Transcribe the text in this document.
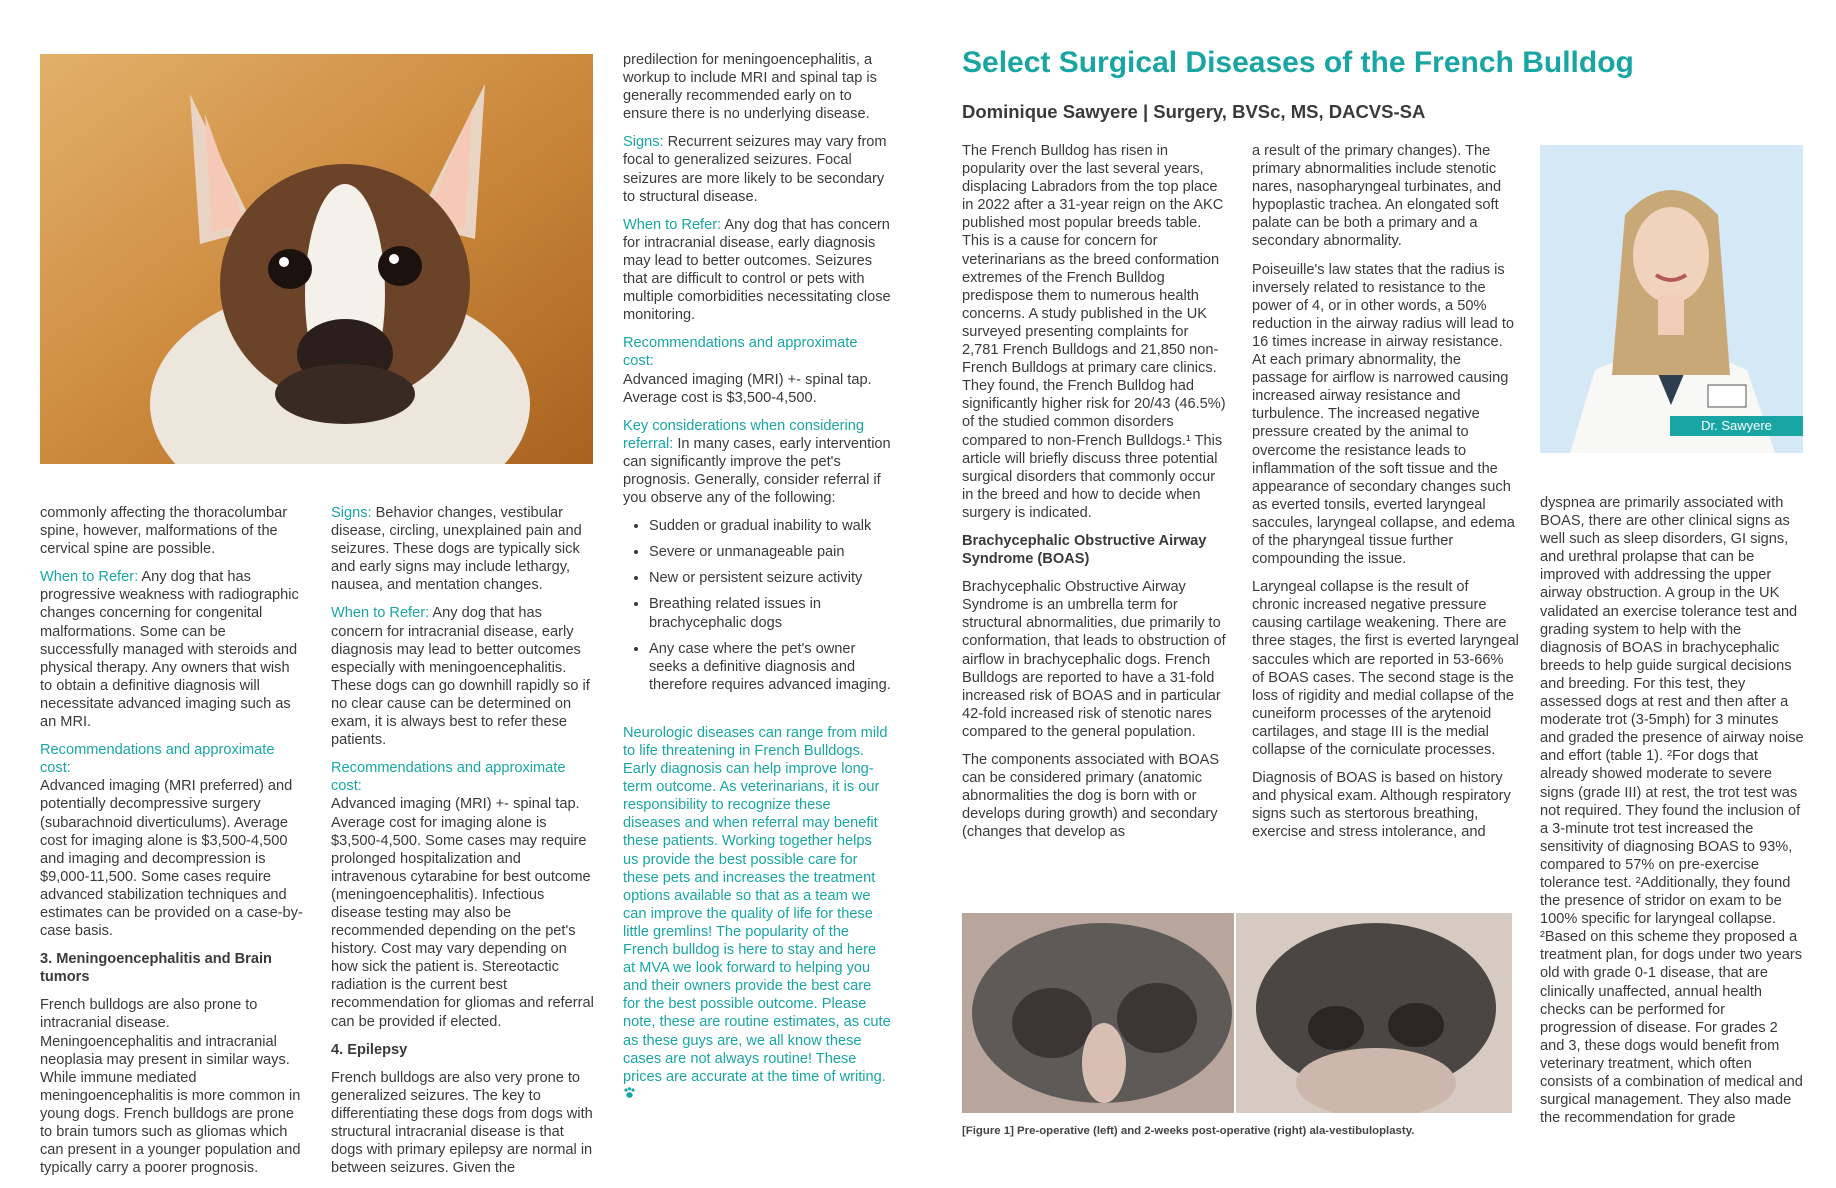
commonly affecting the thoracolumbar spine, however, malformations of the cervical spine are possible.

When to Refer: Any dog that has progressive weakness with radiographic changes concerning for congenital malformations. Some can be successfully managed with steroids and physical therapy. Any owners that wish to obtain a definitive diagnosis will necessitate advanced imaging such as an MRI.

Recommendations and approximate cost:
Advanced imaging (MRI preferred) and potentially decompressive surgery (subarachnoid diverticulums). Average cost for imaging alone is $3,500-4,500 and imaging and decompression is $9,000-11,500. Some cases require advanced stabilization techniques and estimates can be provided on a case-by-case basis.

3. Meningoencephalitis and Brain tumors

French bulldogs are also prone to intracranial disease. Meningoencephalitis and intracranial neoplasia may present in similar ways. While immune mediated meningoencephalitis is more common in young dogs. French bulldogs are prone to brain tumors such as gliomas which can present in a younger population and typically carry a poorer prognosis.

Signs: Behavior changes, vestibular disease, circling, unexplained pain and seizures. These dogs are typically sick and early signs may include lethargy, nausea, and mentation changes.

When to Refer: Any dog that has concern for intracranial disease, early diagnosis may lead to better outcomes especially with meningoencephalitis. These dogs can go downhill rapidly so if no clear cause can be determined on exam, it is always best to refer these patients.

Recommendations and approximate cost:
Advanced imaging (MRI) +- spinal tap. Average cost for imaging alone is $3,500-4,500. Some cases may require prolonged hospitalization and intravenous cytarabine for best outcome (meningoencephalitis). Infectious disease testing may also be recommended depending on the pet's history. Cost may vary depending on how sick the patient is. Stereotactic radiation is the current best recommendation for gliomas and referral can be provided if elected.

4. Epilepsy

French bulldogs are also very prone to generalized seizures. The key to differentiating these dogs from dogs with structural intracranial disease is that dogs with primary epilepsy are normal in between seizures. Given the

predilection for meningoencephalitis, a workup to include MRI and spinal tap is generally recommended early on to ensure there is no underlying disease.

Signs: Recurrent seizures may vary from focal to generalized seizures. Focal seizures are more likely to be secondary to structural disease.

When to Refer: Any dog that has concern for intracranial disease, early diagnosis may lead to better outcomes. Seizures that are difficult to control or pets with multiple comorbidities necessitating close monitoring.

Recommendations and approximate cost:
Advanced imaging (MRI) +- spinal tap. Average cost is $3,500-4,500.

Key considerations when considering referral: In many cases, early intervention can significantly improve the pet's prognosis. Generally, consider referral if you observe any of the following:

• Sudden or gradual inability to walk
• Severe or unmanageable pain
• New or persistent seizure activity
• Breathing related issues in brachycephalic dogs
• Any case where the pet's owner seeks a definitive diagnosis and therefore requires advanced imaging.

Neurologic diseases can range from mild to life threatening in French Bulldogs. Early diagnosis can help improve long-term outcome. As veterinarians, it is our responsibility to recognize these diseases and when referral may benefit these patients. Working together helps us provide the best possible care for these pets and increases the treatment options available so that as a team we can improve the quality of life for these little gremlins! The popularity of the French bulldog is here to stay and here at MVA we look forward to helping you and their owners provide the best care for the best possible outcome. Please note, these are routine estimates, as cute as these guys are, we all know these cases are not always routine! These prices are accurate at the time of writing.

Select Surgical Diseases of the French Bulldog
Dominique Sawyere | Surgery, BVSc, MS, DACVS-SA

The French Bulldog has risen in popularity over the last several years, displacing Labradors from the top place in 2022 after a 31-year reign on the AKC published most popular breeds table. This is a cause for concern for veterinarians as the breed conformation extremes of the French Bulldog predispose them to numerous health concerns. A study published in the UK surveyed presenting complaints for 2,781 French Bulldogs and 21,850 non-French Bulldogs at primary care clinics. They found, the French Bulldog had significantly higher risk for 20/43 (46.5%) of the studied common disorders compared to non-French Bulldogs.¹ This article will briefly discuss three potential surgical disorders that commonly occur in the breed and how to decide when surgery is indicated.

Brachycephalic Obstructive Airway Syndrome (BOAS)

Brachycephalic Obstructive Airway Syndrome is an umbrella term for structural abnormalities, due primarily to conformation, that leads to obstruction of airflow in brachycephalic dogs. French Bulldogs are reported to have a 31-fold increased risk of BOAS and in particular 42-fold increased risk of stenotic nares compared to the general population.

The components associated with BOAS can be considered primary (anatomic abnormalities the dog is born with or develops during growth) and secondary (changes that develop as

a result of the primary changes). The primary abnormalities include stenotic nares, nasopharyngeal turbinates, and hypoplastic trachea. An elongated soft palate can be both a primary and a secondary abnormality.

Poiseuille's law states that the radius is inversely related to resistance to the power of 4, or in other words, a 50% reduction in the airway radius will lead to 16 times increase in airway resistance. At each primary abnormality, the passage for airflow is narrowed causing increased airway resistance and turbulence. The increased negative pressure created by the animal to overcome the resistance leads to inflammation of the soft tissue and the appearance of secondary changes such as everted tonsils, everted laryngeal saccules, laryngeal collapse, and edema of the pharyngeal tissue further compounding the issue.

Laryngeal collapse is the result of chronic increased negative pressure causing cartilage weakening. There are three stages, the first is everted laryngeal saccules which are reported in 53-66% of BOAS cases. The second stage is the loss of rigidity and medial collapse of the cuneiform processes of the arytenoid cartilages, and stage III is the medial collapse of the corniculate processes.

Diagnosis of BOAS is based on history and physical exam. Although respiratory signs such as stertorous breathing, exercise and stress intolerance, and

Dr. Sawyere

dyspnea are primarily associated with BOAS, there are other clinical signs as well such as sleep disorders, GI signs, and urethral prolapse that can be improved with addressing the upper airway obstruction. A group in the UK validated an exercise tolerance test and grading system to help with the diagnosis of BOAS in brachycephalic breeds to help guide surgical decisions and breeding. For this test, they assessed dogs at rest and then after a moderate trot (3-5mph) for 3 minutes and graded the presence of airway noise and effort (table 1). ²For dogs that already showed moderate to severe signs (grade III) at rest, the trot test was not required. They found the inclusion of a 3-minute trot test increased the sensitivity of diagnosing BOAS to 93%, compared to 57% on pre-exercise tolerance test. ²Additionally, they found the presence of stridor on exam to be 100% specific for laryngeal collapse. ²Based on this scheme they proposed a treatment plan, for dogs under two years old with grade 0-1 disease, that are clinically unaffected, annual health checks can be performed for progression of disease. For grades 2 and 3, these dogs would benefit from veterinary treatment, which often consists of a combination of medical and surgical management. They also made the recommendation for grade

[Figure 1] Pre-operative (left) and 2-weeks post-operative (right) ala-vestibuloplasty.
